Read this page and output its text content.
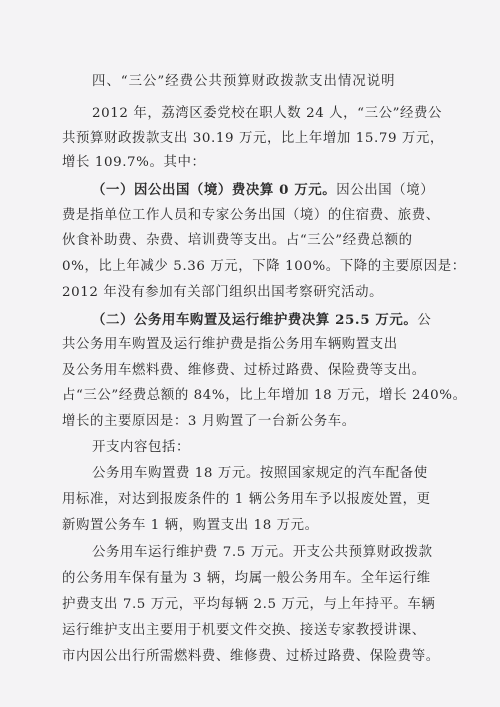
四、“三公”经费公共预算财政拨款支出情况说明
2012 年，荔湾区委党校在职人数 24 人，“三公”经费公
共预算财政拨款支出 30.19 万元，比上年增加 15.79 万元，
增长 109.7%。其中：
（一）因公出国（境）费决算 0 万元。因公出国（境）
费是指单位工作人员和专家公务出国（境）的住宿费、旅费、
伙食补助费、杂费、培训费等支出。占“三公”经费总额的
0%，比上年减少 5.36 万元，下降 100%。下降的主要原因是：
2012 年没有参加有关部门组织出国考察研究活动。
（二）公务用车购置及运行维护费决算 25.5 万元。公
共公务用车购置及运行维护费是指公务用车辆购置支出
及公务用车燃料费、维修费、过桥过路费、保险费等支出。
占“三公”经费总额的 84%，比上年增加 18 万元，增长 240%。
增长的主要原因是：3 月购置了一台新公务车。
开支内容包括：
公务用车购置费 18 万元。按照国家规定的汽车配备使
用标准，对达到报废条件的 1 辆公务用车予以报废处置，更
新购置公务车 1 辆，购置支出 18 万元。
公务用车运行维护费 7.5 万元。开支公共预算财政拨款
的公务用车保有量为 3 辆，均属一般公务用车。全年运行维
护费支出 7.5 万元，平均每辆 2.5 万元，与上年持平。车辆
运行维护支出主要用于机要文件交换、接送专家教授讲课、
市内因公出行所需燃料费、维修费、过桥过路费、保险费等。
